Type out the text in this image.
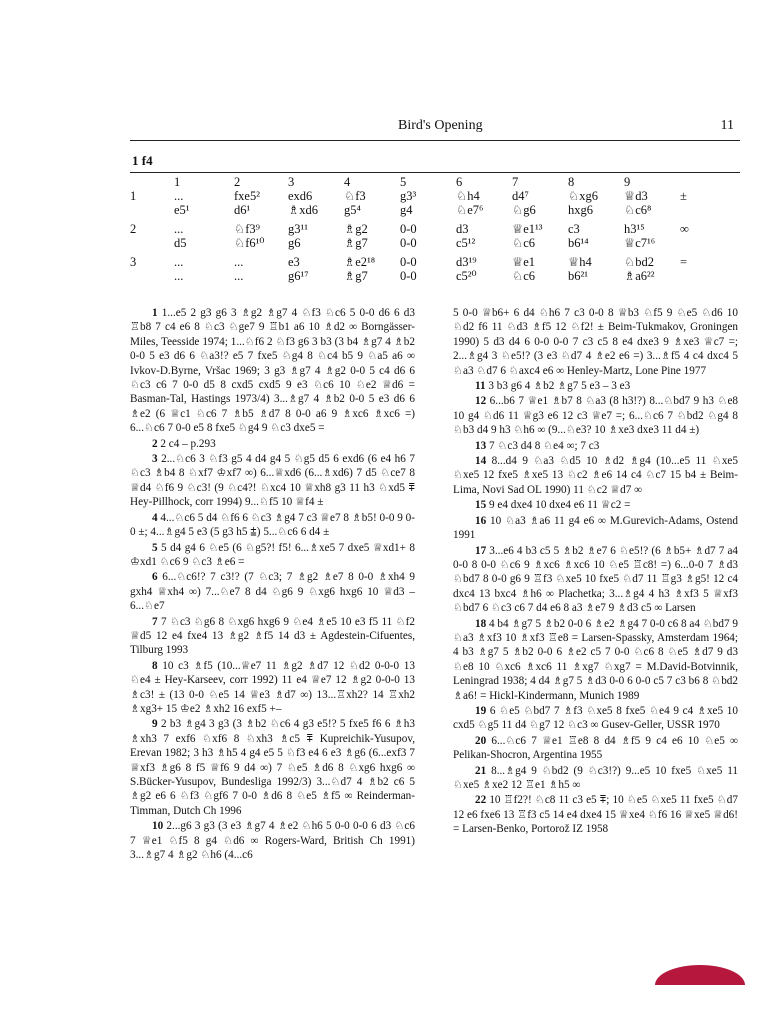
Bird's Opening	11
1 f4
	1	2	3	4	5	6	7	8	9	
1	...	fxe5²	exd6	♘f3	g3³	♘h4	d4⁷	♘xg6	♕d3	±
	e5¹	d6¹	♗xd6	g5⁴	g4	♘e7⁶	♘g6	hxg6	♘c6⁸	

2	...	♘f3⁹	g3¹¹	♗g2	0-0	d3	♕e1¹³	c3	h3¹⁵	∞
	d5	♘f6¹⁰	g6	♗g7	0-0	c5¹²	♘c6	b6¹⁴	♕c7¹⁶	

3	...	...	e3	♗e2¹⁸	0-0	d3¹⁹	♕e1	♕h4	♘bd2	=
	...	...	g6¹⁷	♗g7	0-0	c5²⁰	♘c6	b6²¹	♗a6²²	

1 1...e5 2 g3 g6 3 ♗g2 ♗g7 4 ♘f3 ♘c6 5 0-0 d6 6 d3 ♖b8 7 c4 e6 8 ♘c3 ♘ge7 9 ♖b1 a6 10 ♗d2 ∞ Borngässer-Miles, Teesside 1974; 1...♘f6 2 ♘f3 g6 3 b3 (3 b4 ♗g7 4 ♗b2 0-0 5 e3 d6 6 ♘a3!? e5 7 fxe5 ♘g4 8 ♘c4 b5 9 ♘a5 a6 ∞ Ivkov-D.Byrne, Vršac 1969; 3 g3 ♗g7 4 ♗g2 0-0 5 c4 d6 6 ♘c3 c6 7 0-0 d5 8 cxd5 cxd5 9 e3 ♘c6 10 ♘e2 ♕d6 = Basman-Tal, Hastings 1973/4) 3...♗g7 4 ♗b2 0-0 5 e3 d6 6 ♗e2 (6 ♕c1 ♘c6 7 ♗b5 ♗d7 8 0-0 a6 9 ♗xc6 ♗xc6 =) 6...♘c6 7 0-0 e5 8 fxe5 ♘g4 9 ♘c3 dxe5 =

2 2 c4 – p.293

3 2...♘c6 3 ♘f3 g5 4 d4 g4 5 ♘g5 d5 6 exd6 (6 e4 h6 7 ♘c3 ♗b4 8 ♘xf7 ♔xf7 ∞) 6...♕xd6 (6...♗xd6) 7 d5 ♘ce7 8 ♕d4 ♘f6 9 ♘c3! (9 ♘c4?! ♘xc4 10 ♕xh8 g3 11 h3 ♘xd5 ⩱ Hey-Pillhock, corr 1994) 9...♘f5 10 ♕f4 ±

4 4...♘c6 5 d4 ♘f6 6 ♘c3 ♗g4 7 c3 ♕e7 8 ♗b5! 0-0 9 0-0 ±; 4...♗g4 5 e3 (5 g3 h5 ⩲) 5...♘c6 6 d4 ±

5 5 d4 g4 6 ♘e5 (6 ♘g5?! f5! 6...♗xe5 7 dxe5 ♕xd1+ 8 ♔xd1 ♘c6 9 ♘c3 ♗e6 =

6 6...♘c6!? 7 c3!? (7 ♘c3; 7 ♗g2 ♗e7 8 0-0 ♗xh4 9 gxh4 ♕xh4 ∞) 7...♘e7 8 d4 ♘g6 9 ♘xg6 hxg6 10 ♕d3 – 6...♘e7

7 7 ♘c3 ♘g6 8 ♘xg6 hxg6 9 ♘e4 ♗e5 10 e3 f5 11 ♘f2 ♕d5 12 e4 fxe4 13 ♗g2 ♗f5 14 d3 ± Agdestein-Cifuentes, Tilburg 1993

8 10 c3 ♗f5 (10...♕e7 11 ♗g2 ♗d7 12 ♘d2 0-0-0 13 ♘e4 ± Hey-Karseev, corr 1992) 11 e4 ♕e7 12 ♗g2 0-0-0 13 ♗c3! ± (13 0-0 ♘e5 14 ♕e3 ♗d7 ∞) 13...♖xh2? 14 ♖xh2 ♗xg3+ 15 ♔e2 ♗xh2 16 exf5 +–

9 2 b3 ♗g4 3 g3 (3 ♗b2 ♘c6 4 g3 e5!? 5 fxe5 f6 6 ♗h3 ♗xh3 7 exf6 ♘xf6 8 ♘xh3 ♗c5 ⩱ Kupreichik-Yusupov, Erevan 1982; 3 h3 ♗h5 4 g4 e5 5 ♘f3 e4 6 e3 ♗g6 (6...exf3 7 ♕xf3 ♗g6 8 f5 ♕f6 9 d4 ∞) 7 ♘e5 ♗d6 8 ♘xg6 hxg6 ∞ S.Bücker-Yusupov, Bundesliga 1992/3) 3...♘d7 4 ♗b2 c6 5 ♗g2 e6 6 ♘f3 ♘gf6 7 0-0 ♗d6 8 ♘e5 ♗f5 ∞ Reinderman-Timman, Dutch Ch 1996

10 2...g6 3 g3 (3 e3 ♗g7 4 ♗e2 ♘h6 5 0-0 0-0 6 d3 ♘c6 7 ♕e1 ♘f5 8 g4 ♘d6 ∞ Rogers-Ward, British Ch 1991) 3...♗g7 4 ♗g2 ♘h6 (4...c6

5 0-0 ♕b6+ 6 d4 ♘h6 7 c3 0-0 8 ♕b3 ♘f5 9 ♘e5 ♘d6 10 ♘d2 f6 11 ♘d3 ♗f5 12 ♘f2! ± Beim-Tukmakov, Groningen 1990) 5 d3 d4 6 0-0 0-0 7 c3 c5 8 e4 dxe3 9 ♗xe3 ♕c7 =; 2...♗g4 3 ♘e5!? (3 e3 ♘d7 4 ♗e2 e6 =) 3...♗f5 4 c4 dxc4 5 ♘a3 ♘d7 6 ♘axc4 e6 ∞ Henley-Martz, Lone Pine 1977

11 3 b3 g6 4 ♗b2 ♗g7 5 e3 – 3 e3

12 6...b6 7 ♕e1 ♗b7 8 ♘a3 (8 h3!?) 8...♘bd7 9 h3 ♘e8 10 g4 ♘d6 11 ♕g3 e6 12 c3 ♕e7 =; 6...♘c6 7 ♘bd2 ♘g4 8 ♘b3 d4 9 h3 ♘h6 ∞ (9...♘e3? 10 ♗xe3 dxe3 11 d4 ±)

13 7 ♘c3 d4 8 ♘e4 ∞; 7 c3

14 8...d4 9 ♘a3 ♘d5 10 ♗d2 ♗g4 (10...e5 11 ♘xe5 ♘xe5 12 fxe5 ♗xe5 13 ♘c2 ♗e6 14 c4 ♘c7 15 b4 ± Beim-Lima, Novi Sad OL 1990) 11 ♘c2 ♕d7 ∞

15 9 e4 dxe4 10 dxe4 e6 11 ♕c2 =

16 10 ♘a3 ♗a6 11 g4 e6 ∞ M.Gurevich-Adams, Ostend 1991

17 3...e6 4 b3 c5 5 ♗b2 ♗e7 6 ♘e5!? (6 ♗b5+ ♗d7 7 a4 0-0 8 0-0 ♘c6 9 ♗xc6 ♗xc6 10 ♘e5 ♖c8! =) 6...0-0 7 ♗d3 ♘bd7 8 0-0 g6 9 ♖f3 ♘xe5 10 fxe5 ♘d7 11 ♖g3 ♗g5! 12 c4 dxc4 13 bxc4 ♗h6 ∞ Plachetka; 3...♗g4 4 h3 ♗xf3 5 ♕xf3 ♘bd7 6 ♘c3 c6 7 d4 e6 8 a3 ♗e7 9 ♗d3 c5 ∞ Larsen

18 4 b4 ♗g7 5 ♗b2 0-0 6 ♗e2 ♗g4 7 0-0 c6 8 a4 ♘bd7 9 ♘a3 ♗xf3 10 ♗xf3 ♖e8 = Larsen-Spassky, Amsterdam 1964; 4 b3 ♗g7 5 ♗b2 0-0 6 ♗e2 c5 7 0-0 ♘c6 8 ♘e5 ♗d7 9 d3 ♘e8 10 ♘xc6 ♗xc6 11 ♗xg7 ♘xg7 = M.David-Botvinnik, Leningrad 1938; 4 d4 ♗g7 5 ♗d3 0-0 6 0-0 c5 7 c3 b6 8 ♘bd2 ♗a6! = Hickl-Kindermann, Munich 1989

19 6 ♘e5 ♘bd7 7 ♗f3 ♘xe5 8 fxe5 ♘e4 9 c4 ♗xe5 10 cxd5 ♘g5 11 d4 ♘g7 12 ♘c3 ∞ Gusev-Geller, USSR 1970

20 6...♘c6 7 ♕e1 ♖e8 8 d4 ♗f5 9 c4 e6 10 ♘e5 ∞ Pelikan-Shocron, Argentina 1955

21 8...♗g4 9 ♘bd2 (9 ♘c3!?) 9...e5 10 fxe5 ♘xe5 11 ♘xe5 ♗xe2 12 ♖e1 ♗h5 ∞

22 10 ♖f2?! ♘c8 11 c3 e5 ⩱; 10 ♘e5 ♘xe5 11 fxe5 ♘d7 12 e6 fxe6 13 ♖f3 c5 14 e4 dxe4 15 ♕xe4 ♘f6 16 ♕xe5 ♕d6! = Larsen-Benko, Portorož IZ 1958
